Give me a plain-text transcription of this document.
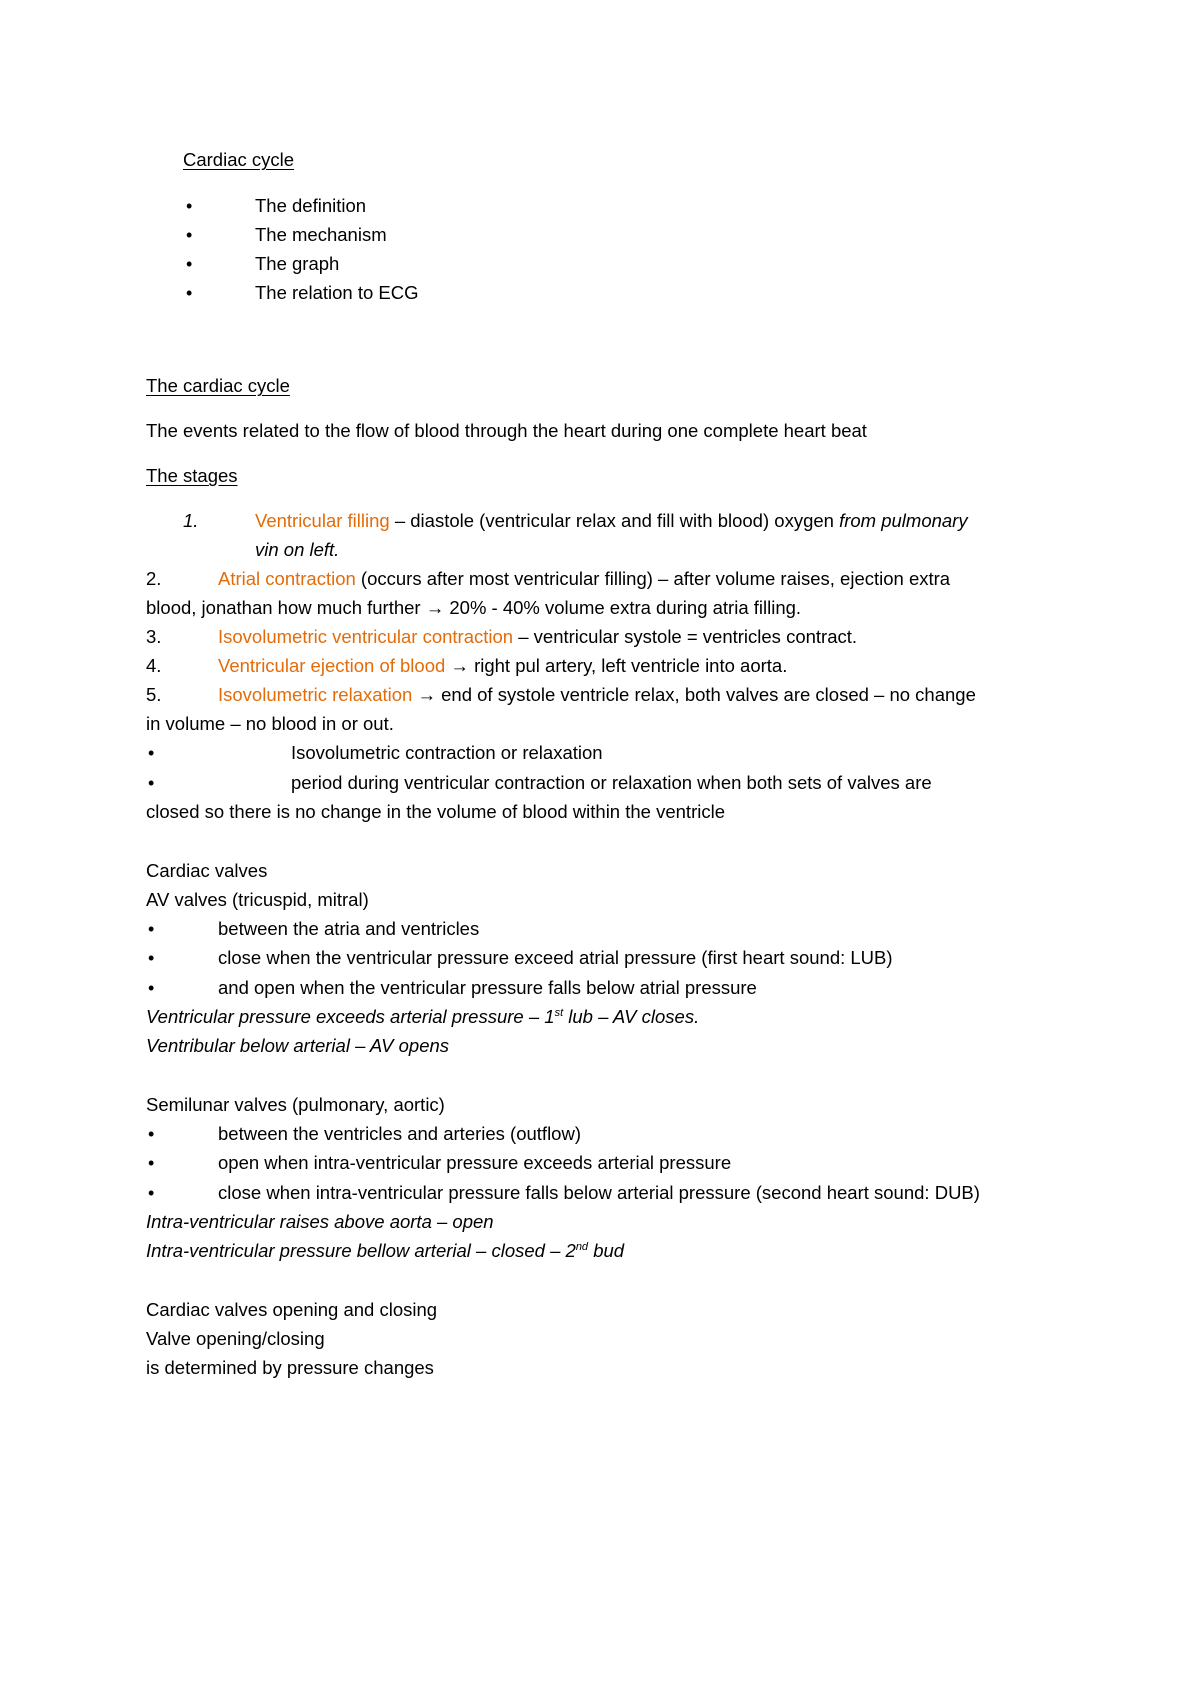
Cardiac cycle
•	The definition
•	The mechanism
•	The graph
•	The relation to ECG
The cardiac cycle
The events related to the flow of blood through the heart during one complete heart beat
The stages
1.	Ventricular filling – diastole (ventricular relax and fill with blood) oxygen from pulmonary
vin on left.
2.	Atrial contraction (occurs after most ventricular filling) – after volume raises, ejection extra
blood, jonathan how much further → 20% - 40% volume extra during atria filling.
3.	Isovolumetric ventricular contraction – ventricular systole = ventricles contract.
4.	Ventricular ejection of blood → right pul artery, left ventricle into aorta.
5.	Isovolumetric relaxation → end of systole ventricle relax, both valves are closed – no change
in volume – no blood in or out.
•	Isovolumetric contraction or relaxation
•	period during ventricular contraction or relaxation when both sets of valves are
closed so there is no change in the volume of blood within the ventricle
Cardiac valves
AV valves (tricuspid, mitral)
•	between the atria and ventricles
•	close when the ventricular pressure exceed atrial pressure (first heart sound: LUB)
•	and open when the ventricular pressure falls below atrial pressure
Ventricular pressure exceeds arterial pressure – 1st lub – AV closes.
Ventribular below arterial – AV opens
Semilunar valves (pulmonary, aortic)
•	between the ventricles and arteries (outflow)
•	open when intra-ventricular pressure exceeds arterial pressure
•	close when intra-ventricular pressure falls below arterial pressure (second heart sound: DUB)
Intra-ventricular raises above aorta – open
Intra-ventricular pressure bellow arterial – closed – 2nd bud
Cardiac valves opening and closing
Valve opening/closing
is determined by pressure changes
